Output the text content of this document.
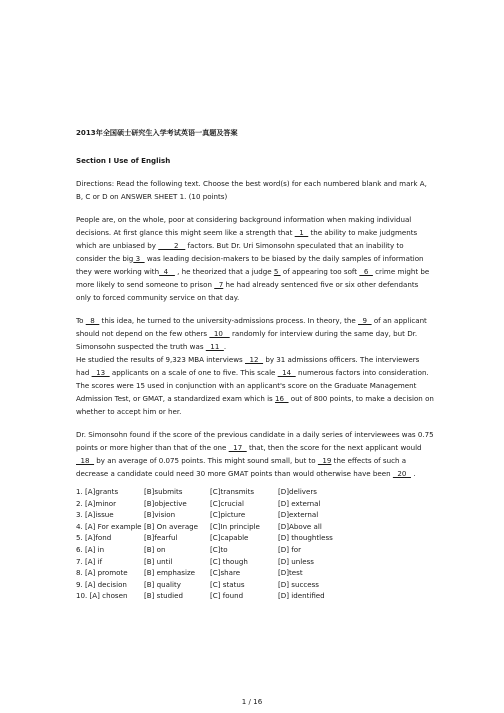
2013年全国硕士研究生入学考试英语一真题及答案
Section I Use of English
Directions: Read the following text. Choose the best word(s) for each numbered blank and mark A, B, C or D on ANSWER SHEET 1. (10 points)
People are, on the whole, poor at considering background information when making individual decisions. At first glance this might seem like a strength that   1   the ability to make judgments which are unbiased by        2    factors. But Dr. Uri Simonsohn speculated that an inability to consider the big 3   was leading decision-makers to be biased by the daily samples of information they were working with  4    , he theorized that a judge 5  of appearing too soft   6   crime might be more likely to send someone to prison   7 he had already sentenced five or six other defendants only to forced community service on that day.
To   8   this idea, he turned to the university-admissions process. In theory, the   9   of an applicant should not depend on the few others   10    randomly for interview during the same day, but Dr. Simonsohn suspected the truth was   11  .
He studied the results of 9,323 MBA interviews   12   by 31 admissions officers. The interviewers had   13   applicants on a scale of one to five. This scale   14   numerous factors into consideration. The scores were 15 used in conjunction with an applicant's score on the Graduate Management Admission Test, or GMAT, a standardized exam which is 16   out of 800 points, to make a decision on whether to accept him or her.
Dr. Simonsohn found if the score of the previous candidate in a daily series of interviewees was 0.75 points or more higher than that of the one   17   that, then the score for the next applicant would   18   by an average of 0.075 points. This might sound small, but to   19 the effects of such a decrease a candidate could need 30 more GMAT points than would otherwise have been   20   .
1. [A]grants	[B]submits	[C]transmits	[D]delivers
2. [A]minor	[B]objective	[C]crucial	[D] external
3. [A]issue	[B]vision	[C]picture	[D]external
4. [A] For example [B] On average	[C]In principle	[D]Above all
5. [A]fond	[B]fearful	[C]capable	[D] thoughtless
6. [A] in	[B] on	[C]to	[D] for
7. [A] if	[B] until	[C] though	[D] unless
8. [A] promote	[B] emphasize	[C]share	[D]test
9. [A] decision	[B] quality	[C] status	[D] success
10. [A] chosen	[B] studied	[C] found	[D] identified
1 / 16
